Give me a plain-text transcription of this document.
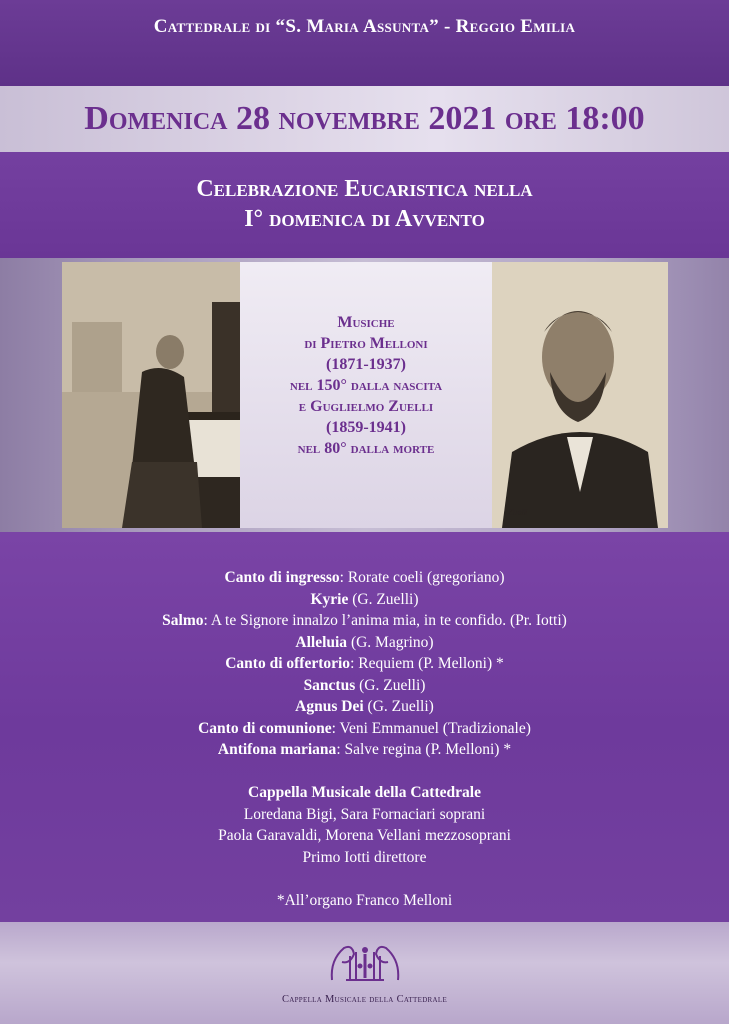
Cattedrale di “S. Maria Assunta” - Reggio Emilia
Domenica 28 novembre 2021 ore 18:00
Celebrazione Eucaristica nella
I° domenica di Avvento
Musiche
di Pietro Melloni
(1871-1937)
nel 150° dalla nascita
e Guglielmo Zuelli
(1859-1941)
nel 80° dalla morte
Zuelli
Canto di ingresso: Rorate coeli (gregoriano)
Kyrie (G. Zuelli)
Salmo: A te Signore innalzo l’anima mia, in te confido. (Pr. Iotti)
Alleluia (G. Magrino)
Canto di offertorio: Requiem (P. Melloni) *
Sanctus (G. Zuelli)
Agnus Dei (G. Zuelli)
Canto di comunione: Veni Emmanuel (Tradizionale)
Antifona mariana: Salve regina (P. Melloni) *
Cappella Musicale della Cattedrale
Loredana Bigi, Sara Fornaciari soprani
Paola Garavaldi, Morena Vellani mezzosoprani
Primo Iotti direttore
*All’organo Franco Melloni
Cappella Musicale della Cattedrale
